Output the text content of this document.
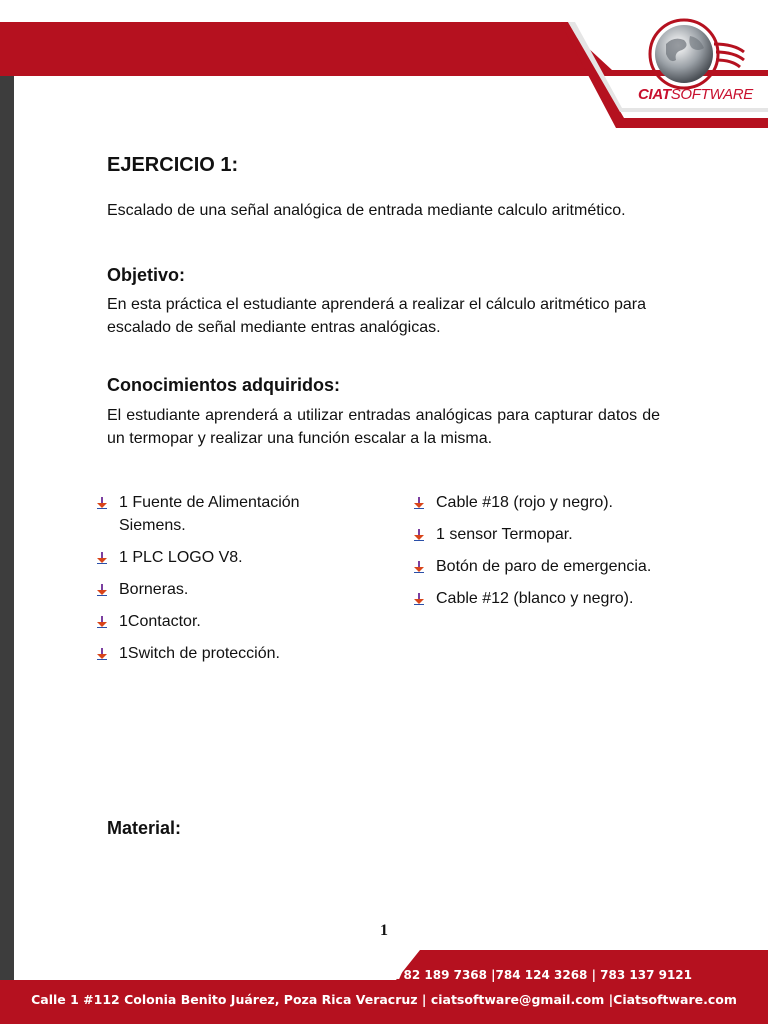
CIATSOFTWARE
EJERCICIO 1:

Escalado de una señal analógica de entrada mediante calculo aritmético.

Objetivo:

En esta práctica el estudiante aprenderá a realizar el cálculo aritmético para escalado de señal mediante entras analógicas.

Conocimientos adquiridos:

El estudiante aprenderá a utilizar entradas analógicas para capturar datos de un termopar y realizar una función escalar a la misma.

1 Fuente de Alimentación Siemens.
1 PLC LOGO V8.
Borneras.
1Contactor.
1Switch de protección.
Cable #18 (rojo y negro).
1 sensor Termopar.
Botón de paro de emergencia.
Cable #12 (blanco y negro).
Material:
1
782 189 7368 |784 124 3268 | 783 137 9121
Calle 1 #112 Colonia Benito Juárez, Poza Rica Veracruz | ciatsoftware@gmail.com |Ciatsoftware.com
